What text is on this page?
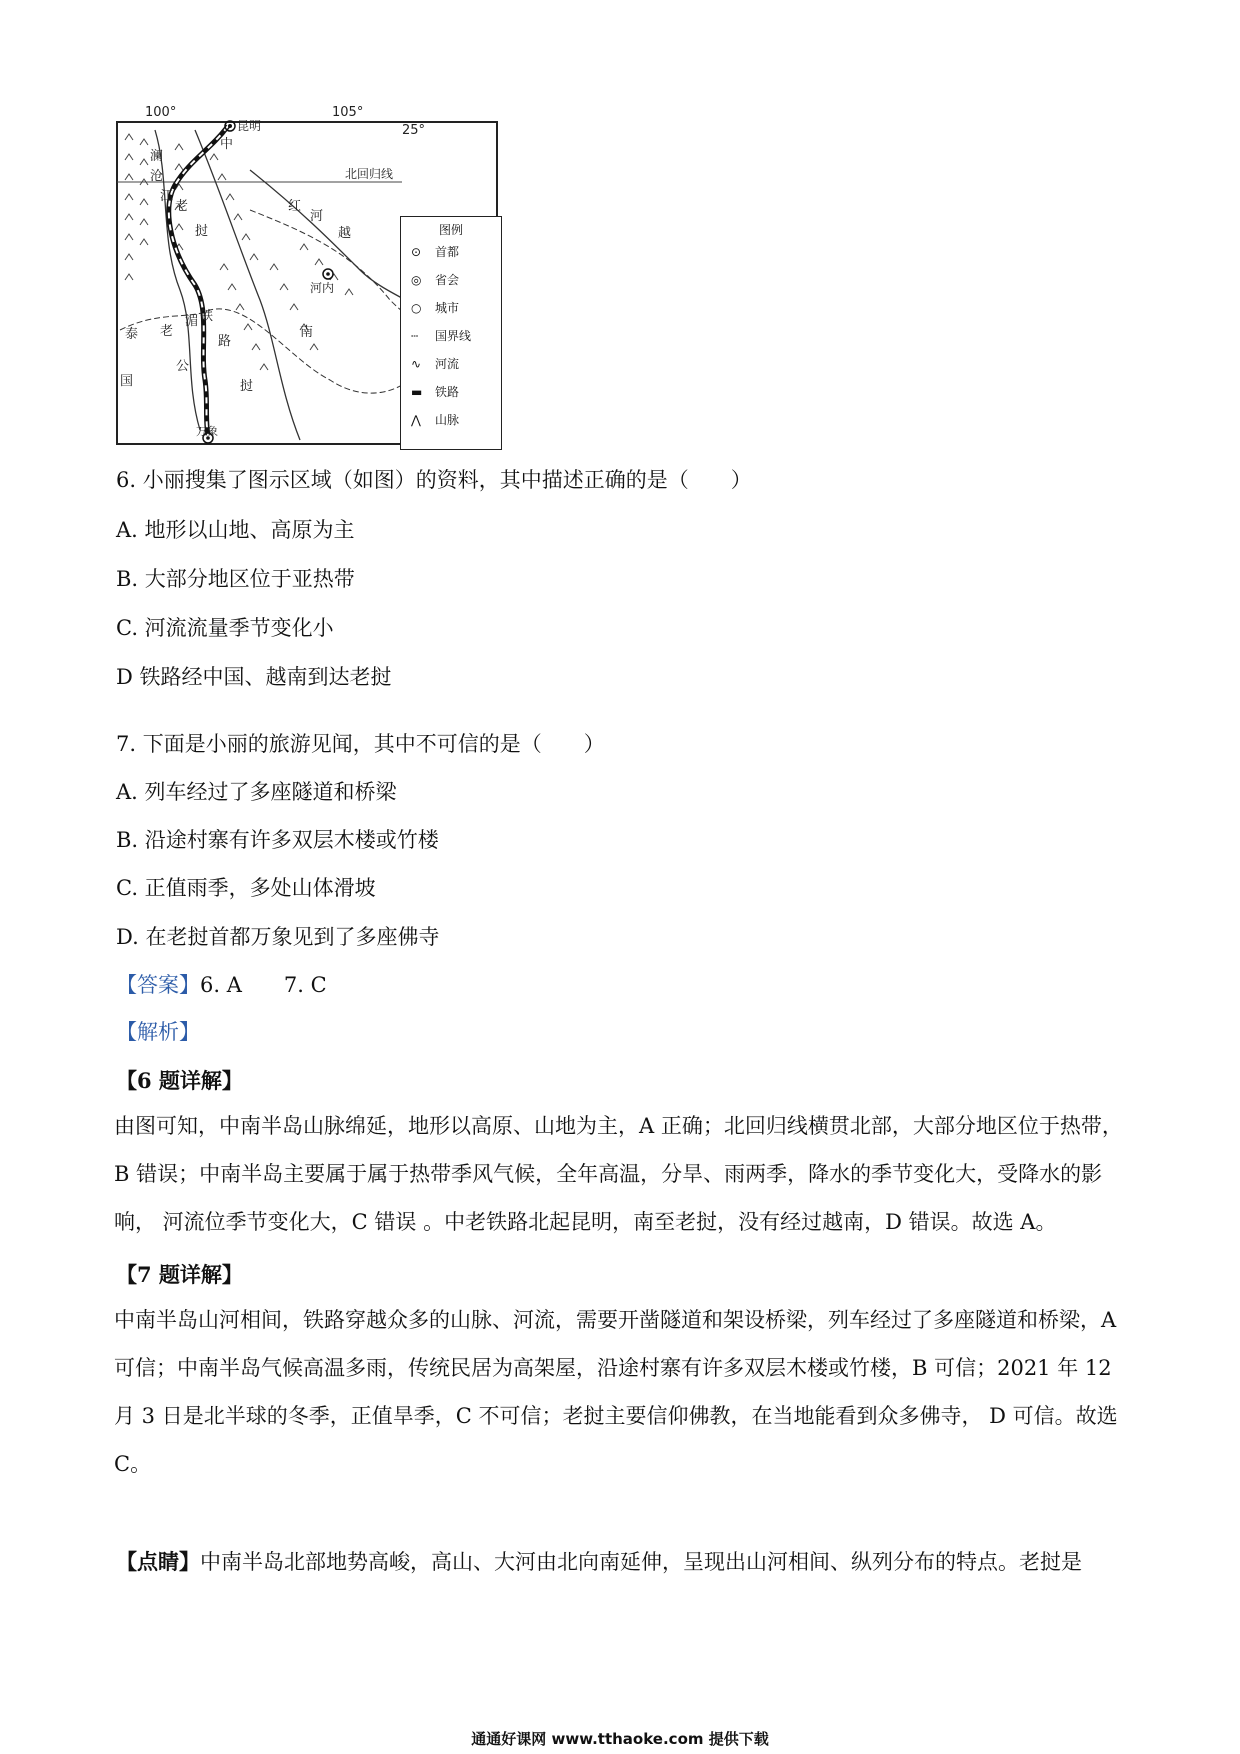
100°	105°
25°
北回归线
昆明
河内
万象
中
老
挝	越
南
泰
国
澜
沧
江
红
河
湄
公
铁
路
老
挝
图例
⊙ 首都
◎ 省会
○ 城市
┄ 国界线
∿ 河流
▬ 铁路
⋀ 山脉
6. 小丽搜集了图示区域（如图）的资料，其中描述正确的是（　　）
A. 地形以山地、高原为主
B. 大部分地区位于亚热带
C. 河流流量季节变化小
D 铁路经中国、越南到达老挝
7. 下面是小丽的旅游见闻，其中不可信的是（　　）
A. 列车经过了多座隧道和桥梁
B. 沿途村寨有许多双层木楼或竹楼
C. 正值雨季，多处山体滑坡
D. 在老挝首都万象见到了多座佛寺
【答案】6. A　　7. C
【解析】
【6 题详解】
由图可知，中南半岛山脉绵延，地形以高原、山地为主，A 正确；北回归线横贯北部，大部分地区位于热带，B 错误；中南半岛主要属于属于热带季风气候，全年高温，分旱、雨两季，降水的季节变化大，受降水的影响， 河流位季节变化大，C 错误 。中老铁路北起昆明，南至老挝，没有经过越南，D 错误。故选 A。
【7 题详解】
中南半岛山河相间，铁路穿越众多的山脉、河流，需要开凿隧道和架设桥梁，列车经过了多座隧道和桥梁，A 可信；中南半岛气候高温多雨，传统民居为高架屋，沿途村寨有许多双层木楼或竹楼，B 可信；2021 年 12 月 3 日是北半球的冬季，正值旱季，C 不可信；老挝主要信仰佛教，在当地能看到众多佛寺， D 可信。故选 C。
【点睛】中南半岛北部地势高峻，高山、大河由北向南延伸，呈现出山河相间、纵列分布的特点。老挝是
通通好课网 www.tthaoke.com 提供下载
